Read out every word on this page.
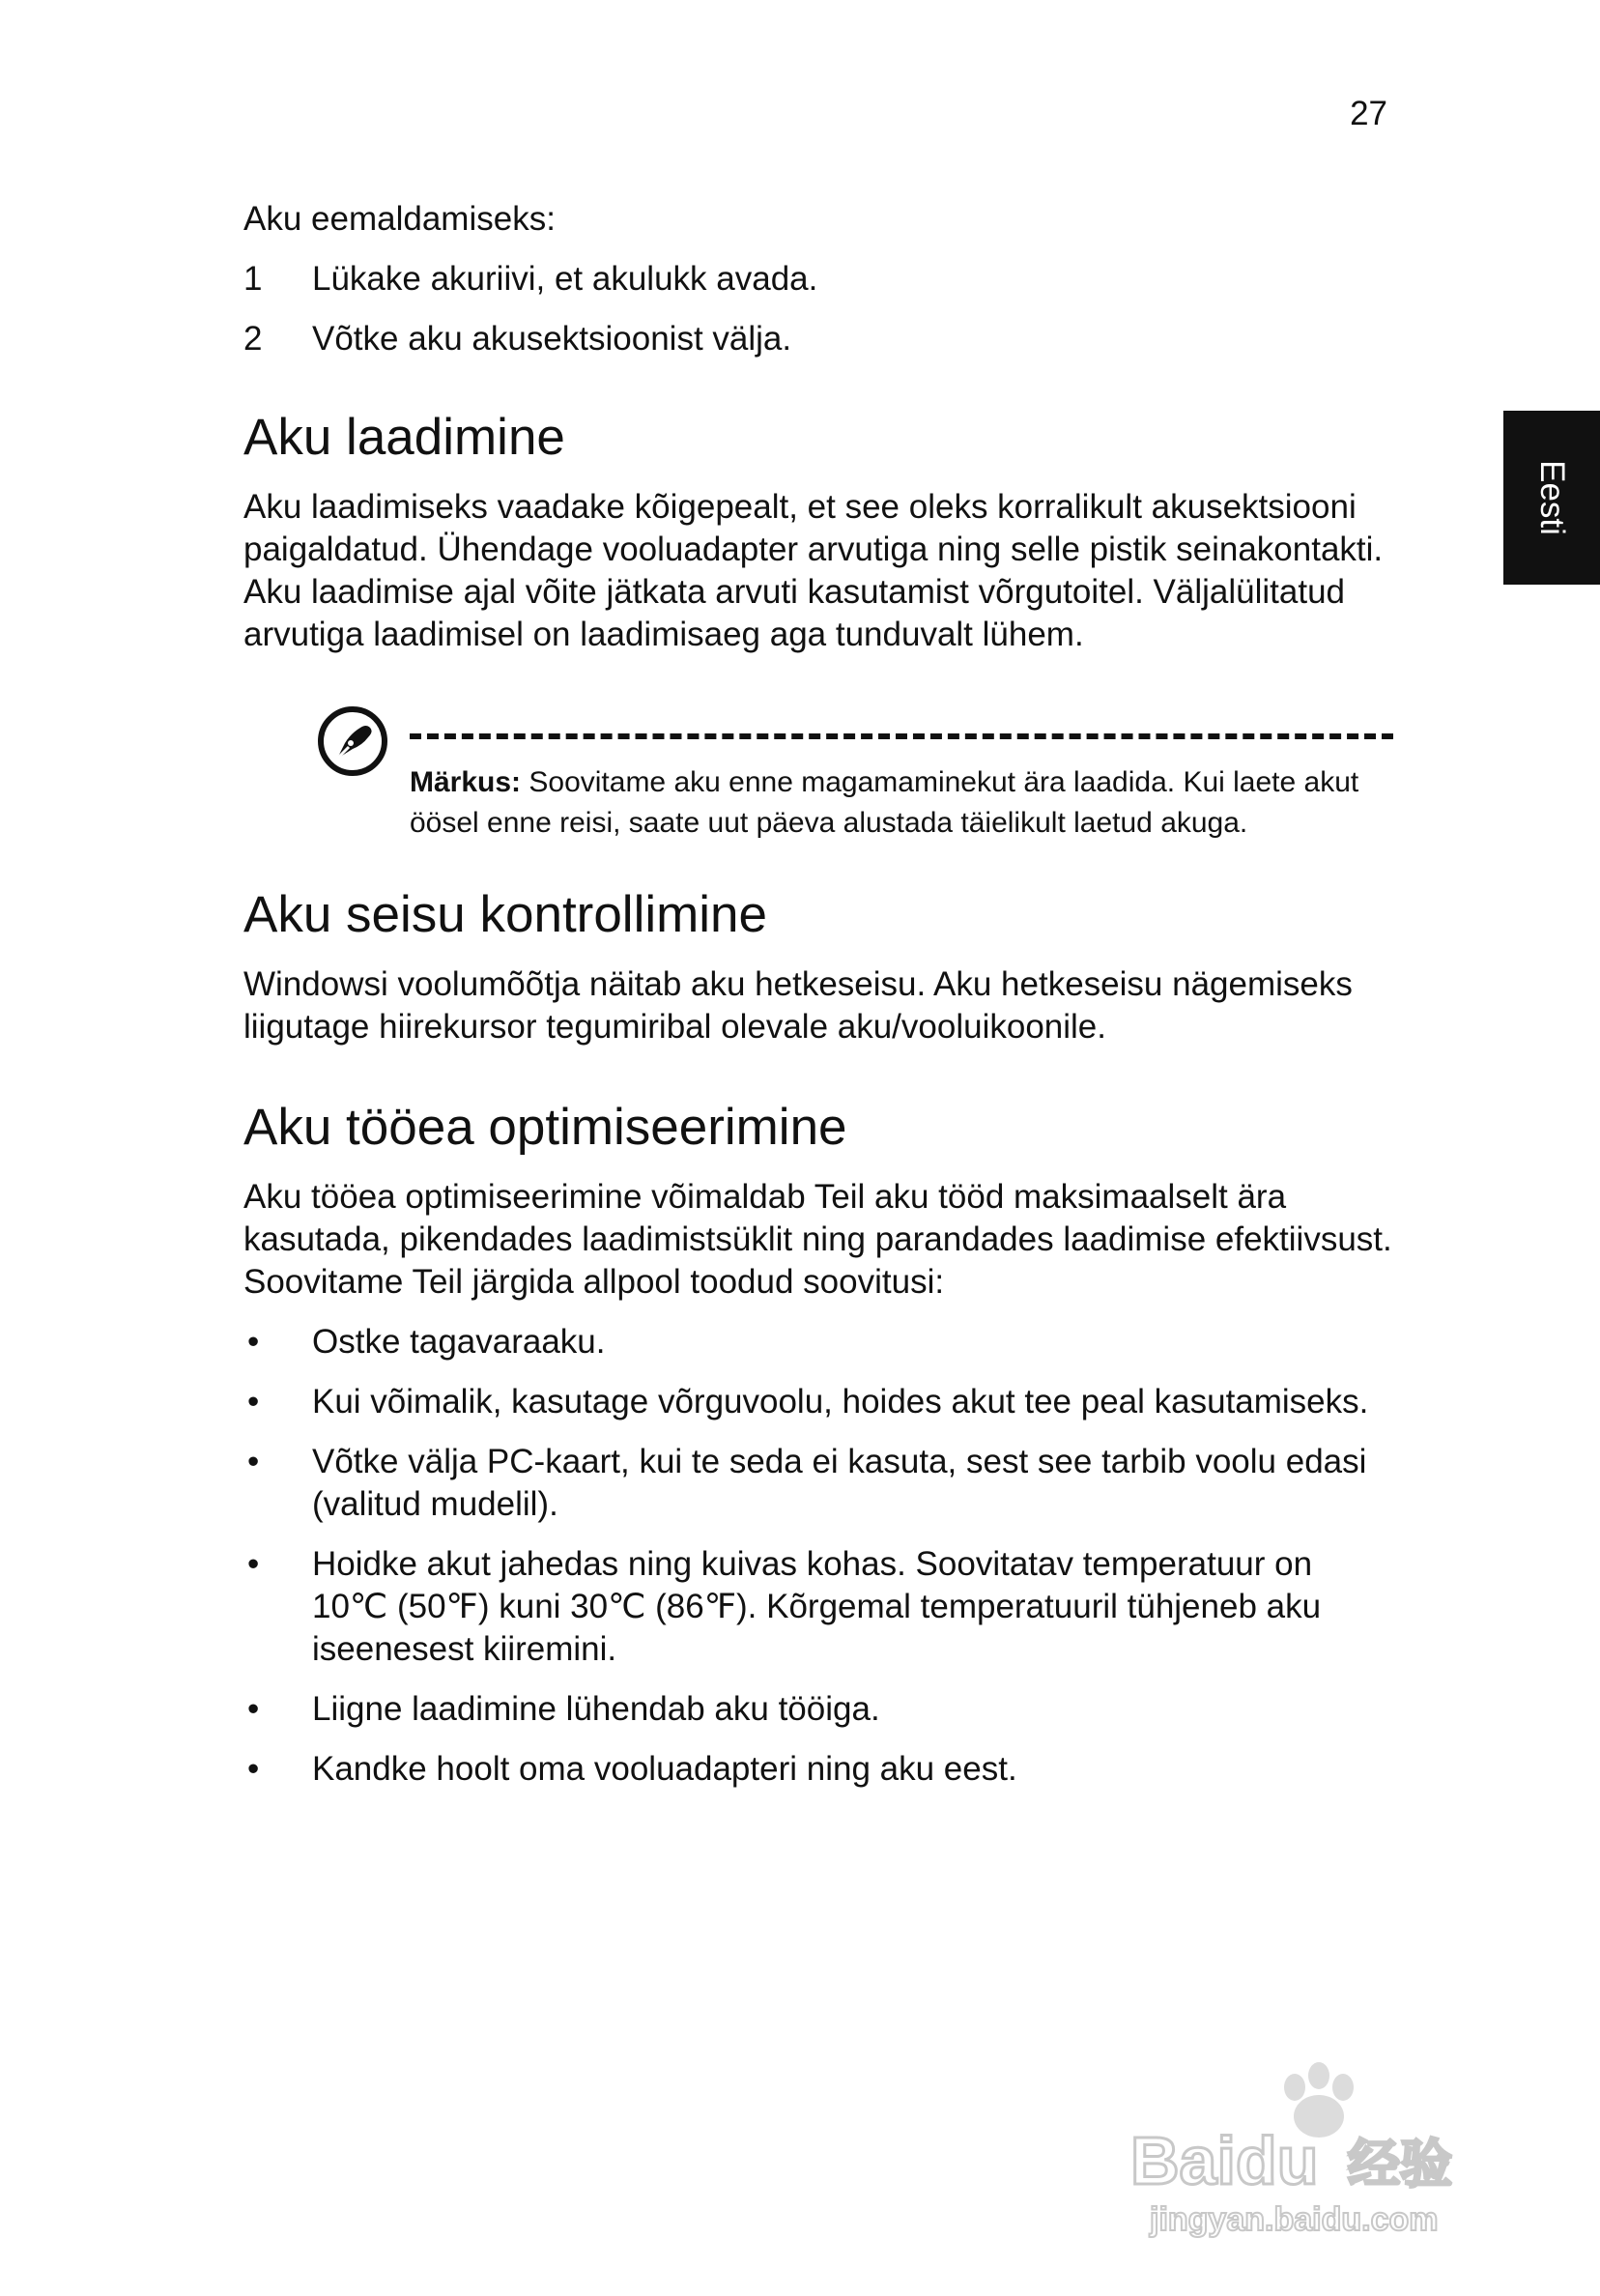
27
Eesti

Aku eemaldamiseks:

1 Lükake akuriivi, et akulukk avada.
2 Võtke aku akusektsioonist välja.
Aku laadimine

Aku laadimiseks vaadake kõigepealt, et see oleks korralikult akusektsiooni paigaldatud. Ühendage vooluadapter arvutiga ning selle pistik seinakontakti. Aku laadimise ajal võite jätkata arvuti kasutamist võrgutoitel. Väljalülitatud arvutiga laadimisel on laadimisaeg aga tunduvalt lühem.

Märkus: Soovitame aku enne magamaminekut ära laadida. Kui laete akut öösel enne reisi, saate uut päeva alustada täielikult laetud akuga.

Aku seisu kontrollimine

Windowsi voolumõõtja näitab aku hetkeseisu. Aku hetkeseisu nägemiseks liigutage hiirekursor tegumiribal olevale aku/vooluikoonile.

Aku tööea optimiseerimine

Aku tööea optimiseerimine võimaldab Teil aku tööd maksimaalselt ära kasutada, pikendades laadimistsüklit ning parandades laadimise efektiivsust. Soovitame Teil järgida allpool toodud soovitusi:

• Ostke tagavaraaku.
• Kui võimalik, kasutage võrguvoolu, hoides akut tee peal kasutamiseks.
• Võtke välja PC-kaart, kui te seda ei kasuta, sest see tarbib voolu edasi (valitud mudelil).
• Hoidke akut jahedas ning kuivas kohas. Soovitatav temperatuur on 10℃ (50℉) kuni 30℃ (86℉). Kõrgemal temperatuuril tühjeneb aku iseenesest kiiremini.
• Liigne laadimine lühendab aku tööiga.
• Kandke hoolt oma vooluadapteri ning aku eest.
Baidu 经验
jingyan.baidu.com
